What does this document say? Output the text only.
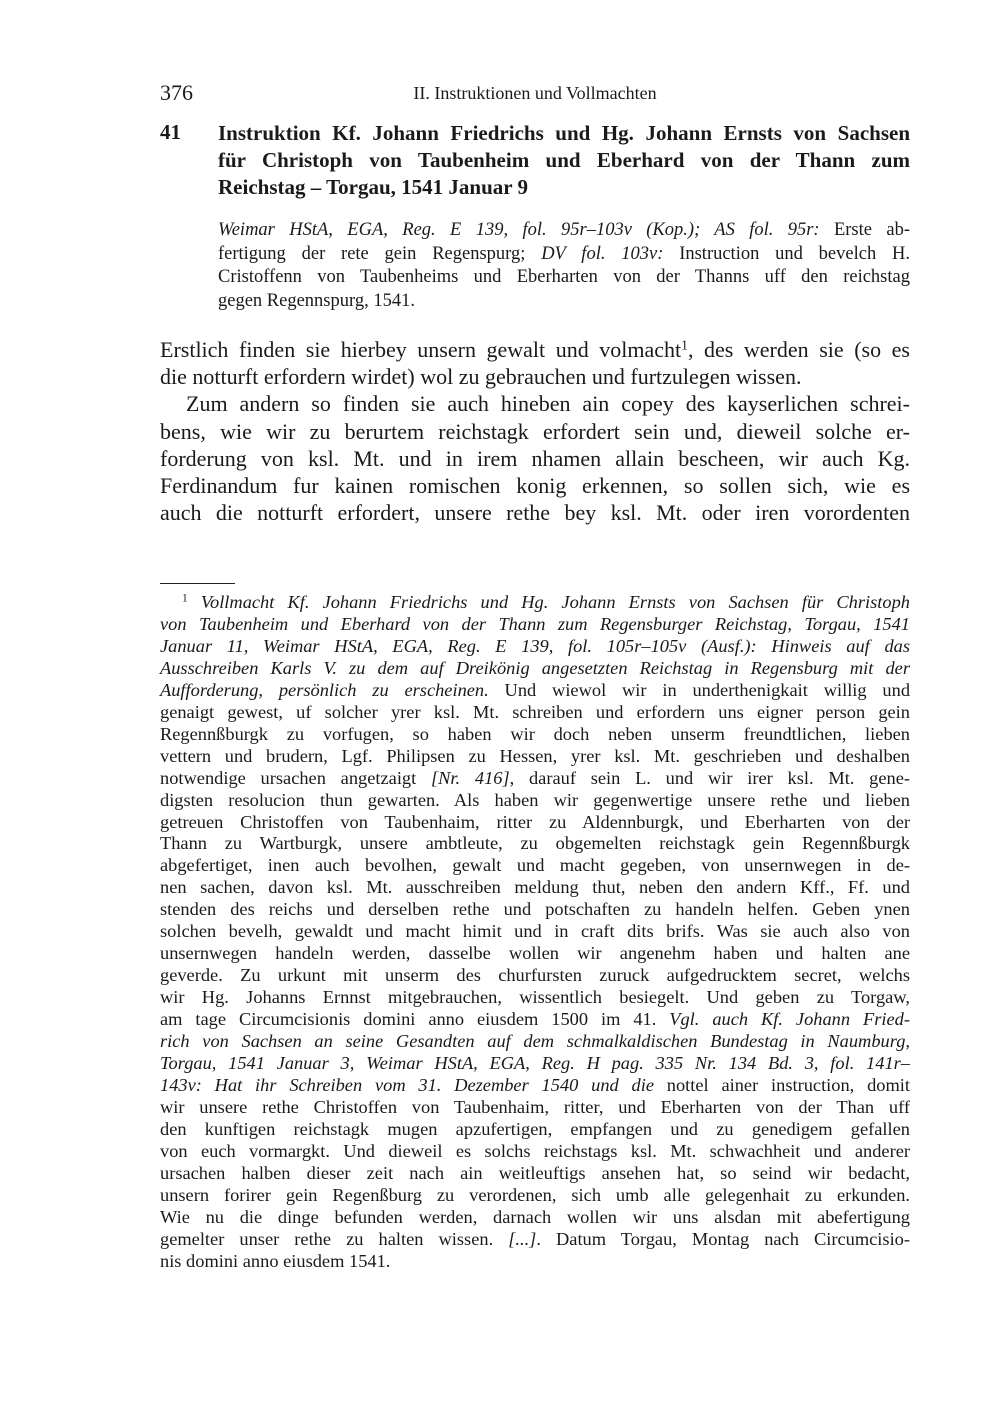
376	II. Instruktionen und Vollmachten
41 Instruktion Kf. Johann Friedrichs und Hg. Johann Ernsts von Sachsen
für Christoph von Taubenheim und Eberhard von der Thann zum
Reichstag – Torgau, 1541 Januar 9
Weimar HStA, EGA, Reg. E 139, fol. 95r–103v (Kop.); AS fol. 95r: Erste ab-
fertigung der rete gein Regenspurg; DV fol. 103v: Instruction und bevelch H.
Cristoffenn von Taubenheims und Eberharten von der Thanns uff den reichstag
gegen Regennspurg, 1541.
Erstlich finden sie hierbey unsern gewalt und volmacht$^1$, des werden sie (so es
die notturft erfordern wirdet) wol zu gebrauchen und furtzulegen wissen.
Zum andern so finden sie auch hineben ain copey des kayserlichen schrei-
bens, wie wir zu berurtem reichstagk erfordert sein und, dieweil solche er-
forderung von ksl. Mt. und in irem nhamen allain bescheen, wir auch Kg.
Ferdinandum fur kainen romischen konig erkennen, so sollen sich, wie es
auch die notturft erfordert, unsere rethe bey ksl. Mt. oder iren vorordenten
$^1$ Vollmacht Kf. Johann Friedrichs und Hg. Johann Ernsts von Sachsen für Christoph
von Taubenheim und Eberhard von der Thann zum Regensburger Reichstag, Torgau, 1541
Januar 11, Weimar HStA, EGA, Reg. E 139, fol. 105r–105v (Ausf.): Hinweis auf das
Ausschreiben Karls V. zu dem auf Dreikönig angesetzten Reichstag in Regensburg mit der
Aufforderung, persönlich zu erscheinen. Und wiewol wir in underthenigkait willig und
genaigt gewest, uf solcher yrer ksl. Mt. schreiben und erfordern uns eigner person gein
Regennßburgk zu vorfugen, so haben wir doch neben unserm freundtlichen, lieben
vettern und brudern, Lgf. Philipsen zu Hessen, yrer ksl. Mt. geschrieben und deshalben
notwendige ursachen angetzaigt [Nr. 416], darauf sein L. und wir irer ksl. Mt. gene-
digsten resolucion thun gewarten. Als haben wir gegenwertige unsere rethe und lieben
getreuen Christoffen von Taubenhaim, ritter zu Aldennburgk, und Eberharten von der
Thann zu Wartburgk, unsere ambtleute, zu obgemelten reichstagk gein Regennßburgk
abgefertiget, inen auch bevolhen, gewalt und macht gegeben, von unsernwegen in de-
nen sachen, davon ksl. Mt. ausschreiben meldung thut, neben den andern Kff., Ff. und
stenden des reichs und derselben rethe und potschaften zu handeln helfen. Geben ynen
solchen bevelh, gewaldt und macht himit und in craft dits brifs. Was sie auch also von
unsernwegen handeln werden, dasselbe wollen wir angenehm haben und halten ane
geverde. Zu urkunt mit unserm des churfursten zuruck aufgedrucktem secret, welchs
wir Hg. Johanns Ernnst mitgebrauchen, wissentlich besiegelt. Und geben zu Torgaw,
am tage Circumcisionis domini anno eiusdem 1500 im 41. Vgl. auch Kf. Johann Fried-
rich von Sachsen an seine Gesandten auf dem schmalkaldischen Bundestag in Naumburg,
Torgau, 1541 Januar 3, Weimar HStA, EGA, Reg. H pag. 335 Nr. 134 Bd. 3, fol. 141r–
143v: Hat ihr Schreiben vom 31. Dezember 1540 und die nottel ainer instruction, domit
wir unsere rethe Christoffen von Taubenhaim, ritter, und Eberharten von der Than uff
den kunftigen reichstagk mugen apzufertigen, empfangen und zu genedigem gefallen
von euch vormargkt. Und dieweil es solchs reichstags ksl. Mt. schwachheit und anderer
ursachen halben dieser zeit nach ain weitleuftigs ansehen hat, so seind wir bedacht,
unsern forirer gein Regenßburg zu verordenen, sich umb alle gelegenhait zu erkunden.
Wie nu die dinge befunden werden, darnach wollen wir uns alsdan mit abefertigung
gemelter unser rethe zu halten wissen. [...]. Datum Torgau, Montag nach Circumcisio-
nis domini anno eiusdem 1541.
